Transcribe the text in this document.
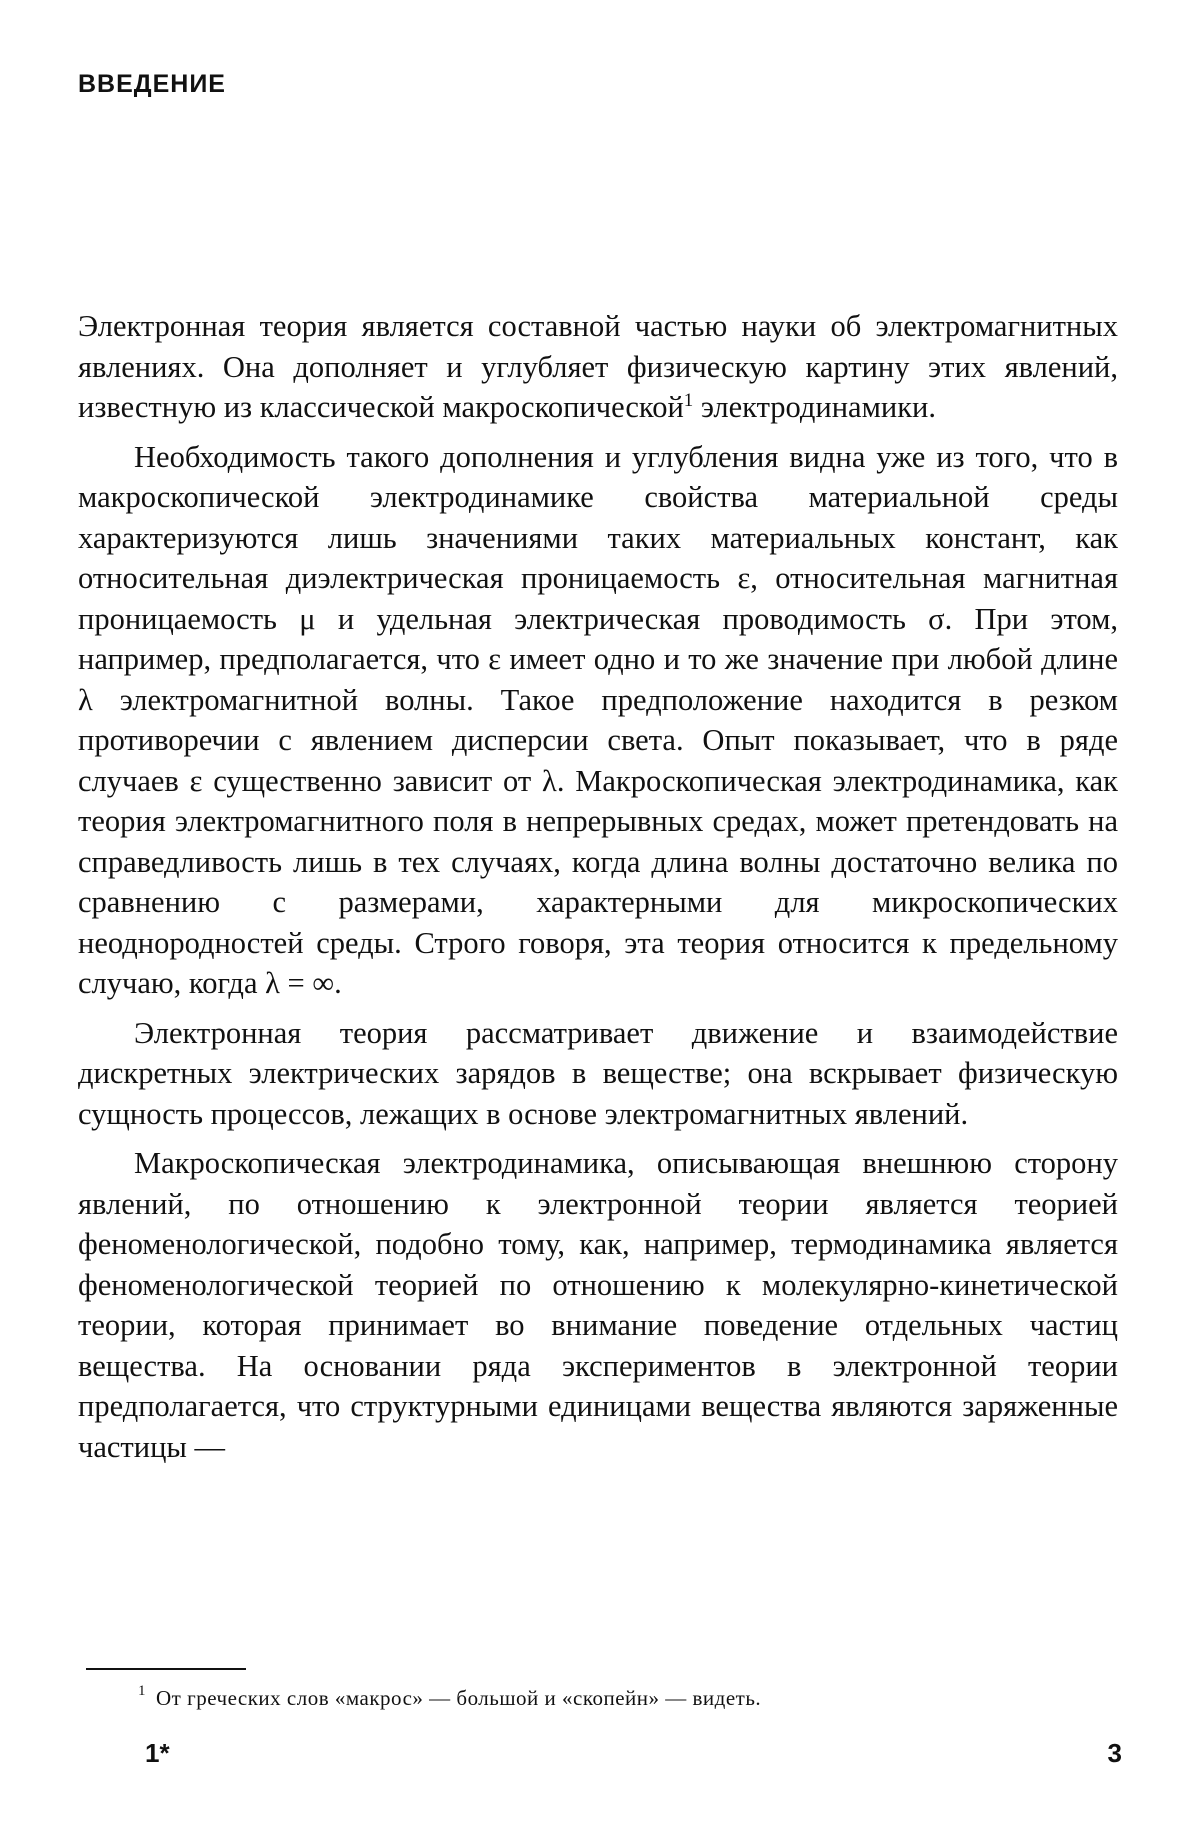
ВВЕДЕНИЕ

Электронная теория является составной частью науки об электромагнитных явлениях. Она дополняет и углубляет физическую картину этих явлений, известную из классической макроскопической$^1$ электродинамики.

Необходимость такого дополнения и углубления видна уже из того, что в макроскопической электродинамике свойства материальной среды характеризуются лишь значениями таких материальных констант, как относительная диэлектрическая проницаемость ε, относительная магнитная проницаемость μ и удельная электрическая проводимость σ. При этом, например, предполагается, что ε имеет одно и то же значение при любой длине λ электромагнитной волны. Такое предположение находится в резком противоречии с явлением дисперсии света. Опыт показывает, что в ряде случаев ε существенно зависит от λ. Макроскопическая электродинамика, как теория электромагнитного поля в непрерывных средах, может претендовать на справедливость лишь в тех случаях, когда длина волны достаточно велика по сравнению с размерами, характерными для микроскопических неоднородностей среды. Строго говоря, эта теория относится к предельному случаю, когда λ = ∞.

Электронная теория рассматривает движение и взаимодействие дискретных электрических зарядов в веществе; она вскрывает физическую сущность процессов, лежащих в основе электромагнитных явлений.

Макроскопическая электродинамика, описывающая внешнюю сторону явлений, по отношению к электронной теории является теорией феноменологической, подобно тому, как, например, термодинамика является феноменологической теорией по отношению к молекулярно-кинетической теории, которая принимает во внимание поведение отдельных частиц вещества. На основании ряда экспериментов в электронной теории предполагается, что структурными единицами вещества являются заряженные частицы —

$^1$ От греческих слов «макрос» — большой и «скопейн» — видеть.
1*	3
